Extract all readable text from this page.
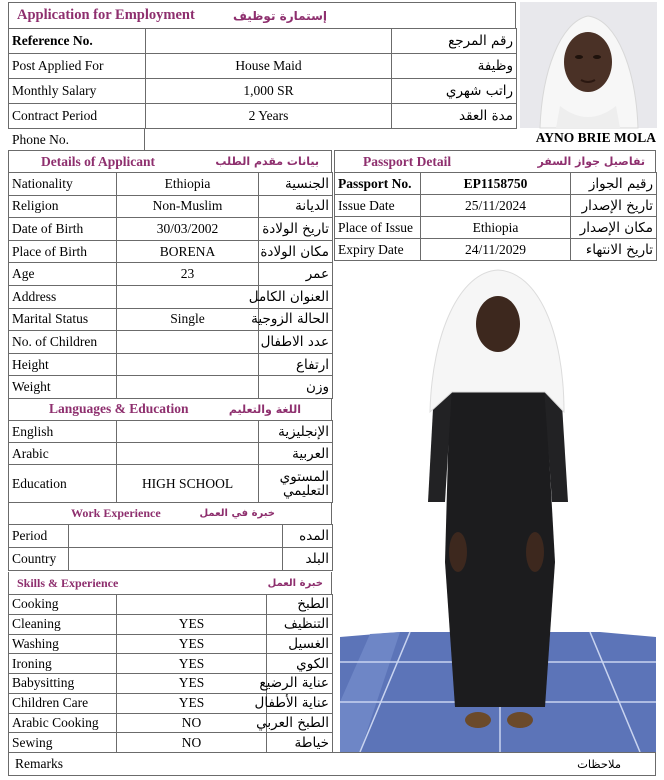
Application for Employment	إستمارة توظيف
Reference No.		رقم المرجع
Post Applied For	House Maid	وظيفة
Monthly Salary	1,000 SR	راتب شهري
Contract Period	2 Years	مدة العقد
Phone No.	AYNO BRIE MOLA
Details of Applicant	بيانات مقدم الطلب
Nationality	Ethiopia	الجنسية
Religion	Non-Muslim	الديانة
Date of Birth	30/03/2002	تاريخ الولادة
Place of Birth	BORENA	مكان الولادة
Age	23	عمر
Address		العنوان الكامل
Marital Status	Single	الحالة الزوجية
No. of Children		عدد الاطفال
Height		ارتفاع
Weight		وزن
Passport Detail	تفاصيل جواز السفر
Passport No.	EP1158750	رقيم الجواز
Issue Date	25/11/2024	تاريخ الإصدار
Place of Issue	Ethiopia	مكان الإصدار
Expiry Date	24/11/2029	تاريخ الانتهاء
Languages & Education	اللغة والتعليم
English		الإنجليزية
Arabic		العربية
Education	HIGH SCHOOL	المستوي التعليمي
Work Experience	خبرة في العمل
Period		المده
Country		البلد
Skills & Experience	خبرة العمل
Cooking		الطبخ
Cleaning	YES	التنظيف
Washing	YES	الغسيل
Ironing	YES	الكوي
Babysitting	YES	عناية الرضيع
Children Care	YES	عناية الأطفال
Arabic Cooking	NO	الطبخ العربي
Sewing	NO	خياطة
Remarks	ملاحظات
